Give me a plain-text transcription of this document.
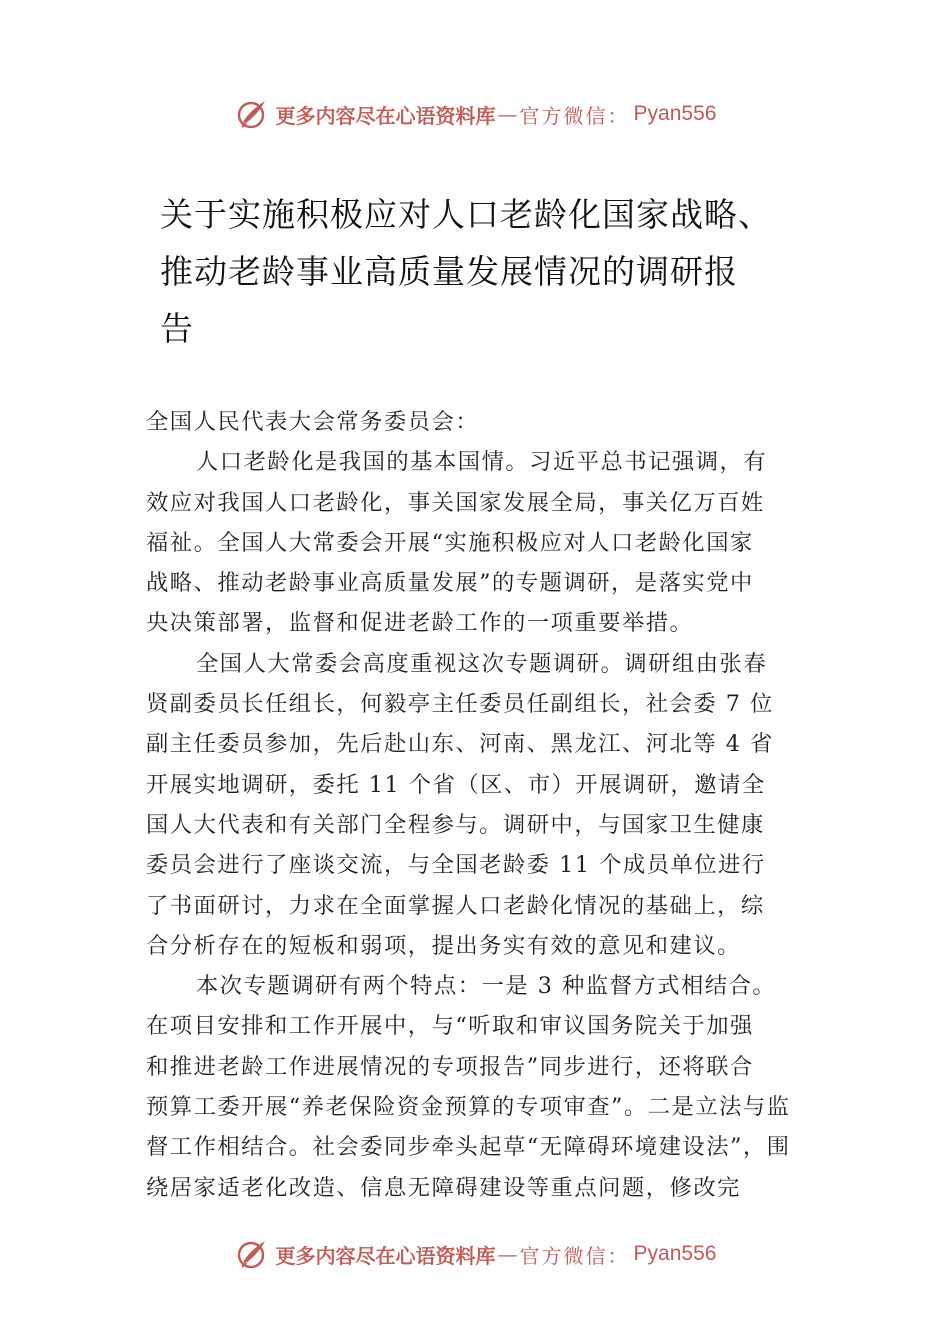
更多内容尽在心语资料库 — 官方微信： Pyan556
关于实施积极应对人口老龄化国家战略、
推动老龄事业高质量发展情况的调研报
告
全国人民代表大会常务委员会：
人口老龄化是我国的基本国情。习近平总书记强调，有
效应对我国人口老龄化，事关国家发展全局，事关亿万百姓
福祉。全国人大常委会开展“实施积极应对人口老龄化国家
战略、推动老龄事业高质量发展”的专题调研，是落实党中
央决策部署，监督和促进老龄工作的一项重要举措。
全国人大常委会高度重视这次专题调研。调研组由张春
贤副委员长任组长，何毅亭主任委员任副组长，社会委 7 位
副主任委员参加，先后赴山东、河南、黑龙江、河北等 4 省
开展实地调研，委托 11 个省（区、市）开展调研，邀请全
国人大代表和有关部门全程参与。调研中，与国家卫生健康
委员会进行了座谈交流，与全国老龄委 11 个成员单位进行
了书面研讨，力求在全面掌握人口老龄化情况的基础上，综
合分析存在的短板和弱项，提出务实有效的意见和建议。
本次专题调研有两个特点：一是 3 种监督方式相结合。
在项目安排和工作开展中，与“听取和审议国务院关于加强
和推进老龄工作进展情况的专项报告”同步进行，还将联合
预算工委开展“养老保险资金预算的专项审查”。二是立法与监
督工作相结合。社会委同步牵头起草“无障碍环境建设法”，围
绕居家适老化改造、信息无障碍建设等重点问题，修改完
更多内容尽在心语资料库 — 官方微信： Pyan556
